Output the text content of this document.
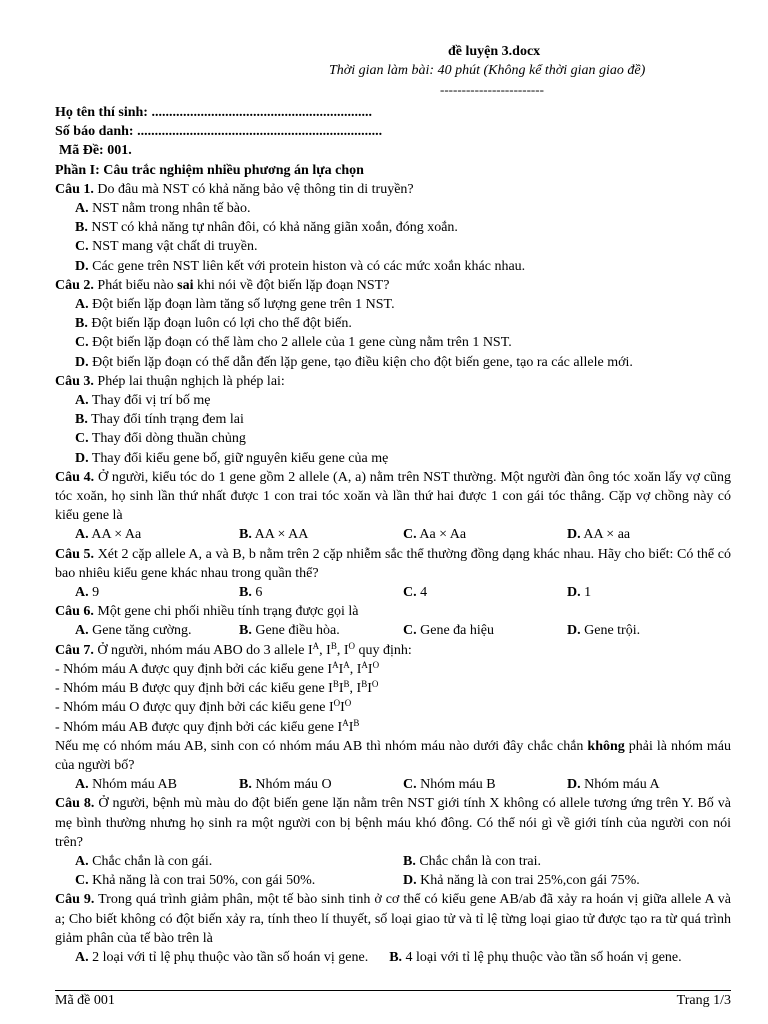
đề luyện 3.docx
Thời gian làm bài: 40 phút (Không kể thời gian giao đề)
------------------------
Họ tên thí sinh: ...............................................................
Số báo danh: ......................................................................
Mã Đề: 001.
Phần I: Câu trắc nghiệm nhiều phương án lựa chọn
Câu 1. Do đâu mà NST có khả năng bảo vệ thông tin di truyền?
A. NST nằm trong nhân tế bào.
B. NST có khả năng tự nhân đôi, có khả năng giãn xoắn, đóng xoắn.
C. NST mang vật chất di truyền.
D. Các gene trên NST liên kết với protein histon và có các mức xoắn khác nhau.
Câu 2. Phát biểu nào sai khi nói về đột biến lặp đoạn NST?
A. Đột biến lặp đoạn làm tăng số lượng gene trên 1 NST.
B. Đột biến lặp đoạn luôn có lợi cho thể đột biến.
C. Đột biến lặp đoạn có thể làm cho 2 allele của 1 gene cùng nằm trên 1 NST.
D. Đột biến lặp đoạn có thể dẫn đến lặp gene, tạo điều kiện cho đột biến gene, tạo ra các allele mới.
Câu 3. Phép lai thuận nghịch là phép lai:
A. Thay đổi vị trí bố mẹ
B. Thay đổi tính trạng đem lai
C. Thay đổi dòng thuần chủng
D. Thay đổi kiểu gene bố, giữ nguyên kiểu gene của mẹ
Câu 4. Ở người, kiểu tóc do 1 gene gồm 2 allele (A, a) nằm trên NST thường. Một người đàn ông tóc xoăn lấy vợ cũng tóc xoăn, họ sinh lần thứ nhất được 1 con trai tóc xoăn và lần thứ hai được 1 con gái tóc thẳng. Cặp vợ chồng này có kiểu gene là
A. AA × Aa	B. AA × AA	C. Aa × Aa	D. AA × aa
Câu 5. Xét 2 cặp allele A, a và B, b nằm trên 2 cặp nhiễm sắc thể thường đồng dạng khác nhau. Hãy cho biết: Có thể có bao nhiêu kiểu gene khác nhau trong quần thể?
A. 9	B. 6	C. 4	D. 1
Câu 6. Một gene chi phối nhiều tính trạng được gọi là
A. Gene tăng cường.	B. Gene điều hòa.	C. Gene đa hiệu	D. Gene trội.
Câu 7. Ở người, nhóm máu ABO do 3 allele $I^A$, $I^B$, $I^O$ quy định:
- Nhóm máu A được quy định bởi các kiểu gene $I^AI^A$, $I^AI^O$
- Nhóm máu B được quy định bởi các kiểu gene $I^BI^B$, $I^BI^O$
- Nhóm máu O được quy định bởi các kiểu gene $I^OI^O$
- Nhóm máu AB được quy định bởi các kiểu gene $I^AI^B$
Nếu mẹ có nhóm máu AB, sinh con có nhóm máu AB thì nhóm máu nào dưới đây chắc chắn không phải là nhóm máu của người bố?
A. Nhóm máu AB	B. Nhóm máu O	C. Nhóm máu B	D. Nhóm máu A
Câu 8. Ở người, bệnh mù màu do đột biến gene lặn nằm trên NST giới tính X không có allele tương ứng trên Y. Bố và mẹ bình thường nhưng họ sinh ra một người con bị bệnh máu khó đông. Có thể nói gì về giới tính của người con nói trên?
A. Chắc chắn là con gái.	B. Chắc chắn là con trai.
C. Khả năng là con trai 50%, con gái 50%.	D. Khả năng là con trai 25%,con gái 75%.
Câu 9. Trong quá trình giảm phân, một tế bào sinh tinh ở cơ thể có kiểu gene AB/ab đã xảy ra hoán vị giữa allele A và a; Cho biết không có đột biến xảy ra, tính theo lí thuyết, số loại giao tử và tỉ lệ từng loại giao tử được tạo ra từ quá trình giảm phân của tế bào trên là
A. 2 loại với tỉ lệ phụ thuộc vào tần số hoán vị gene. B. 4 loại với tỉ lệ phụ thuộc vào tần số hoán vị gene.
Mã đề 001	Trang 1/3
